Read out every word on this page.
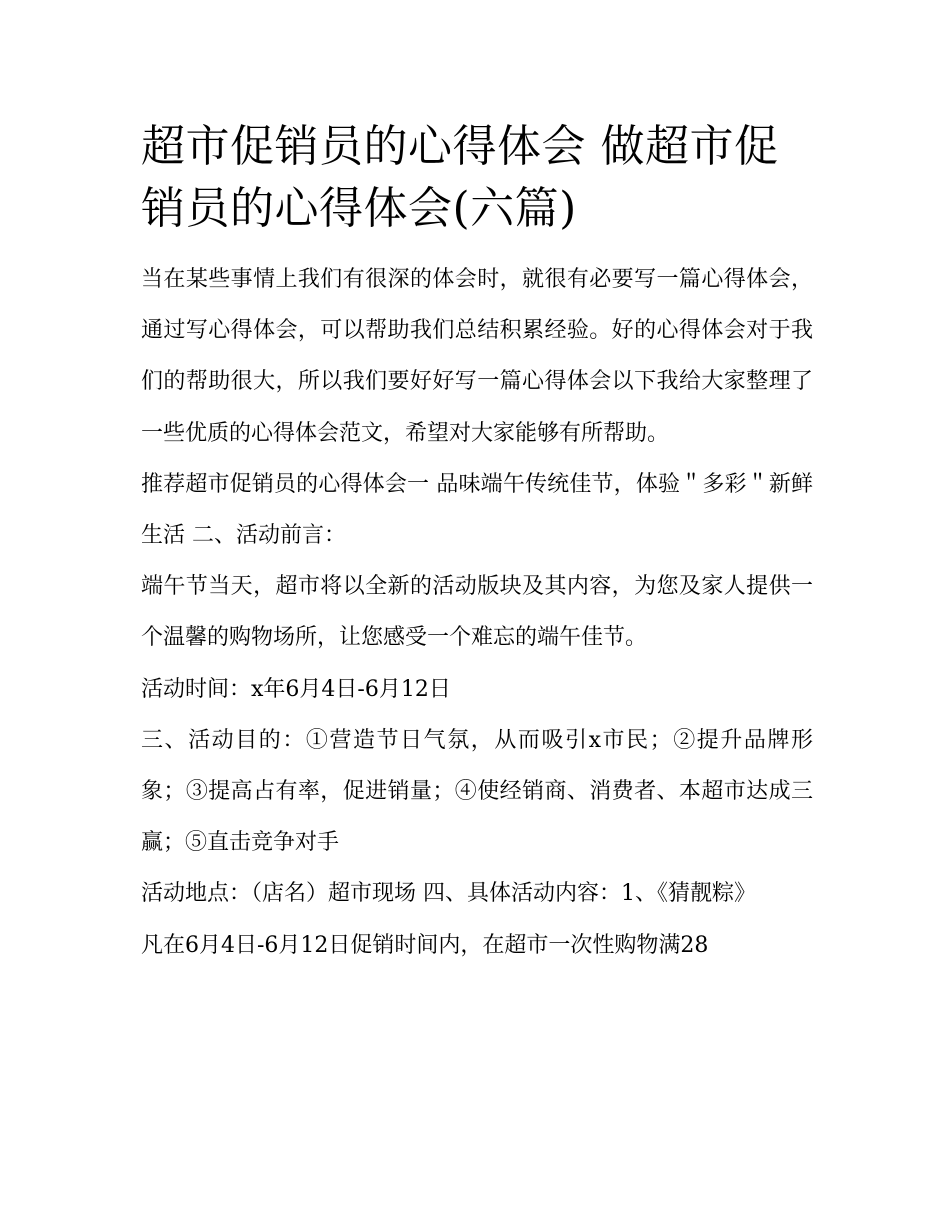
超市促销员的心得体会 做超市促销员的心得体会(六篇)

当在某些事情上我们有很深的体会时，就很有必要写一篇心得体会，通过写心得体会，可以帮助我们总结积累经验。好的心得体会对于我们的帮助很大，所以我们要好好写一篇心得体会以下我给大家整理了一些优质的心得体会范文，希望对大家能够有所帮助。

推荐超市促销员的心得体会一 品味端午传统佳节，体验＂多彩＂新鲜生活 二、活动前言：

端午节当天，超市将以全新的活动版块及其内容，为您及家人提供一个温馨的购物场所，让您感受一个难忘的端午佳节。

活动时间：x年6月4日-6月12日

三、活动目的：①营造节日气氛，从而吸引x市民；②提升品牌形象；③提高占有率，促进销量；④使经销商、消费者、本超市达成三赢；⑤直击竞争对手

活动地点：（店名）超市现场 四、具体活动内容：1、《猜靓粽》

凡在6月4日-6月12日促销时间内，在超市一次性购物满28
